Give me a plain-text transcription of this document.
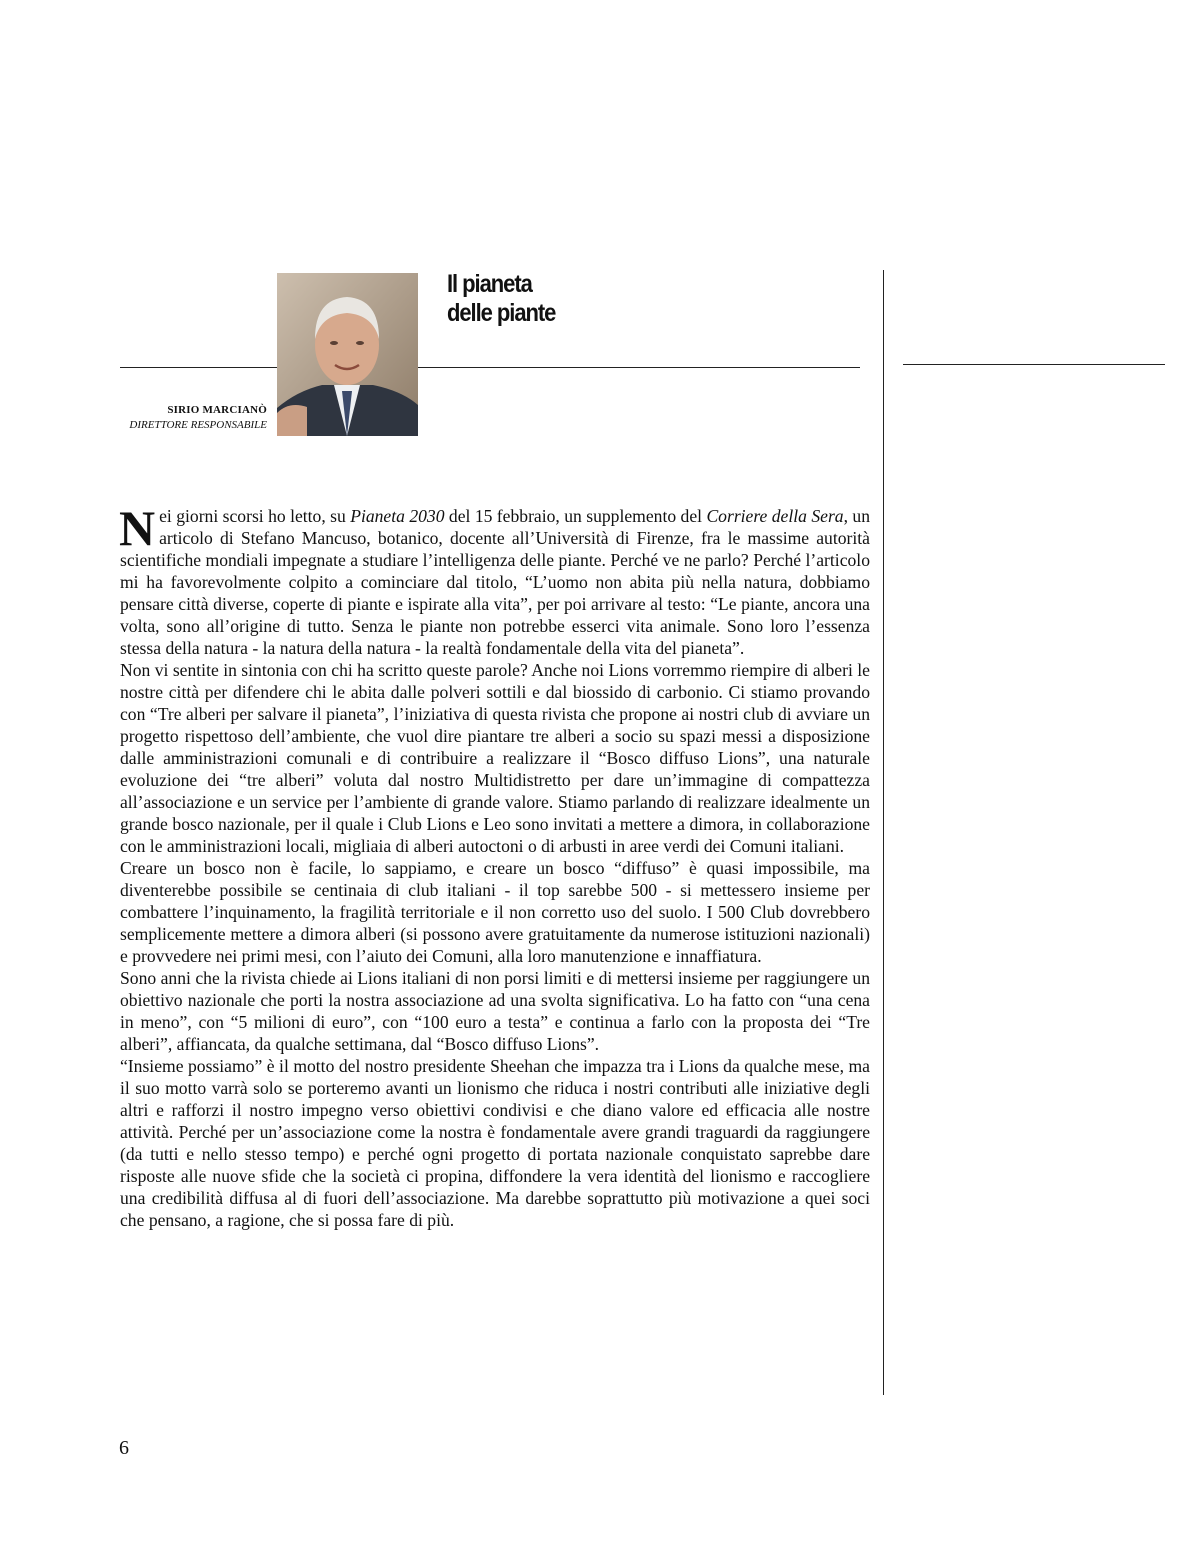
Il pianeta
delle piante
SIRIO MARCIANÒ
DIRETTORE RESPONSABILE

Nei giorni scorsi ho letto, su Pianeta 2030 del 15 febbraio, un supplemento del Corriere della Sera, un articolo di Stefano Mancuso, botanico, docente all’Università di Firenze, fra le massime autorità scientifiche mondiali impegnate a studiare l’intelligenza delle piante. Perché ve ne parlo? Perché l’articolo mi ha favorevolmente colpito a cominciare dal titolo, “L’uomo non abita più nella natura, dobbiamo pensare città diverse, coperte di piante e ispirate alla vita”, per poi arrivare al testo: “Le piante, ancora una volta, sono all’origine di tutto. Senza le piante non potrebbe esserci vita animale. Sono loro l’essenza stessa della natura - la natura della natura - la realtà fondamentale della vita del pianeta”.

Non vi sentite in sintonia con chi ha scritto queste parole? Anche noi Lions vorremmo riempire di alberi le nostre città per difendere chi le abita dalle polveri sottili e dal biossido di carbonio. Ci stiamo provando con “Tre alberi per salvare il pianeta”, l’iniziativa di questa rivista che propone ai nostri club di avviare un progetto rispettoso dell’ambiente, che vuol dire piantare tre alberi a socio su spazi messi a disposizione dalle amministrazioni comunali e di contribuire a realizzare il “Bosco diffuso Lions”, una naturale evoluzione dei “tre alberi” voluta dal nostro Multidistretto per dare un’immagine di compattezza all’associazione e un service per l’ambiente di grande valore. Stiamo parlando di realizzare idealmente un grande bosco nazionale, per il quale i Club Lions e Leo sono invitati a mettere a dimora, in collaborazione con le amministrazioni locali, migliaia di alberi autoctoni o di arbusti in aree verdi dei Comuni italiani.

Creare un bosco non è facile, lo sappiamo, e creare un bosco “diffuso” è quasi impossibile, ma diventerebbe possibile se centinaia di club italiani - il top sarebbe 500 - si mettessero insieme per combattere l’inquinamento, la fragilità territoriale e il non corretto uso del suolo. I 500 Club dovrebbero semplicemente mettere a dimora alberi (si possono avere gratuitamente da numerose istituzioni nazionali) e provvedere nei primi mesi, con l’aiuto dei Comuni, alla loro manutenzione e innaffiatura.

Sono anni che la rivista chiede ai Lions italiani di non porsi limiti e di mettersi insieme per raggiungere un obiettivo nazionale che porti la nostra associazione ad una svolta significativa. Lo ha fatto con “una cena in meno”, con “5 milioni di euro”, con “100 euro a testa” e continua a farlo con la proposta dei “Tre alberi”, affiancata, da qualche settimana, dal “Bosco diffuso Lions”.

“Insieme possiamo” è il motto del nostro presidente Sheehan che impazza tra i Lions da qualche mese, ma il suo motto varrà solo se porteremo avanti un lionismo che riduca i nostri contributi alle iniziative degli altri e rafforzi il nostro impegno verso obiettivi condivisi e che diano valore ed efficacia alle nostre attività. Perché per un’associazione come la nostra è fondamentale avere grandi traguardi da raggiungere (da tutti e nello stesso tempo) e perché ogni progetto di portata nazionale conquistato saprebbe dare risposte alle nuove sfide che la società ci propina, diffondere la vera identità del lionismo e raccogliere una credibilità diffusa al di fuori dell’associazione. Ma darebbe soprattutto più motivazione a quei soci che pensano, a ragione, che si possa fare di più.

6
